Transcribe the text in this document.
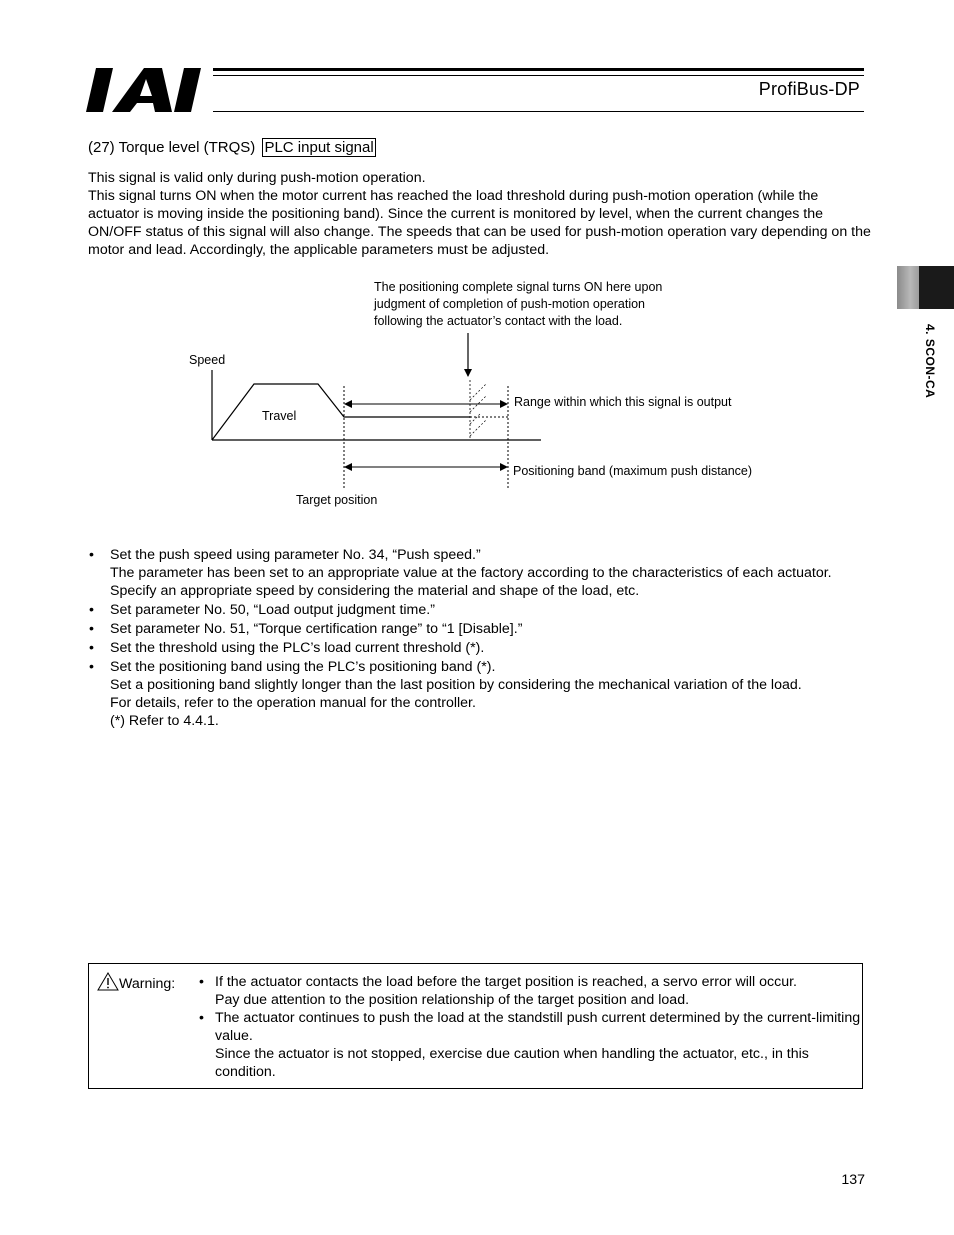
ProfiBus-DP
(27) Torque level (TRQS) PLC input signal

This signal is valid only during push-motion operation.

This signal turns ON when the motor current has reached the load threshold during push-motion operation (while the actuator is moving inside the positioning band). Since the current is monitored by level, when the current changes the ON/OFF status of this signal will also change. The speeds that can be used for push-motion operation vary depending on the motor and lead. Accordingly, the applicable parameters must be adjusted.

4. SCON-CA
The positioning complete signal turns ON here upon
judgment of completion of push-motion operation
following the actuator’s contact with the load.
Speed
Travel
Range within which this signal is output
Positioning band (maximum push distance)
Target position
• Set the push speed using parameter No. 34, “Push speed.”
The parameter has been set to an appropriate value at the factory according to the characteristics of each actuator.
Specify an appropriate speed by considering the material and shape of the load, etc.
• Set parameter No. 50, “Load output judgment time.”
• Set parameter No. 51, “Torque certification range” to “1 [Disable].”
• Set the threshold using the PLC’s load current threshold (*).
• Set the positioning band using the PLC’s positioning band (*).
Set a positioning band slightly longer than the last position by considering the mechanical variation of the load.
For details, refer to the operation manual for the controller.
(*) Refer to 4.4.1.
Warning: • If the actuator contacts the load before the target position is reached, a servo error will occur.
Pay due attention to the position relationship of the target position and load.
• The actuator continues to push the load at the standstill push current determined by the current-limiting value.
Since the actuator is not stopped, exercise due caution when handling the actuator, etc., in this condition.
137
